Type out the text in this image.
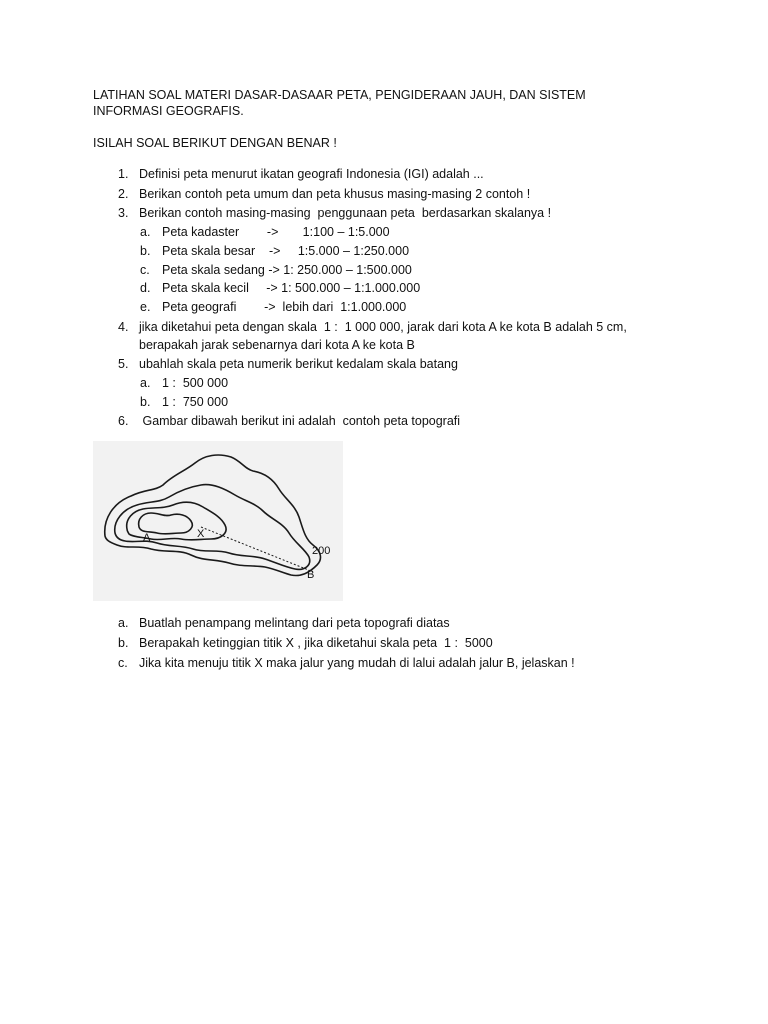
LATIHAN SOAL MATERI DASAR-DASAAR PETA, PENGIDERAAN JAUH, DAN SISTEM INFORMASI GEOGRAFIS.
ISILAH SOAL BERIKUT DENGAN BENAR !
1. Definisi peta menurut ikatan geografi Indonesia (IGI) adalah ...
2. Berikan contoh peta umum dan peta khusus masing-masing 2 contoh !
3. Berikan contoh masing-masing  penggunaan peta  berdasarkan skalanya !
a. Peta kadaster        ->       1:100 – 1:5.000
b. Peta skala besar    ->     1:5.000 – 1:250.000
c. Peta skala sedang -> 1: 250.000 – 1:500.000
d. Peta skala kecil     -> 1: 500.000 – 1:1.000.000
e. Peta geografi        ->  lebih dari  1:1.000.000
4. jika diketahui peta dengan skala  1 :  1 000 000, jarak dari kota A ke kota B adalah 5 cm,
berapakah jarak sebenarnya dari kota A ke kota B
5. ubahlah skala peta numerik berikut kedalam skala batang
a. 1 :  500 000
b. 1 :  750 000
6. Gambar dibawah berikut ini adalah  contoh peta topografi
A	X
B
200
a. Buatlah penampang melintang dari peta topografi diatas
b. Berapakah ketinggian titik X , jika diketahui skala peta  1 :  5000
c. Jika kita menuju titik X maka jalur yang mudah di lalui adalah jalur B, jelaskan !
